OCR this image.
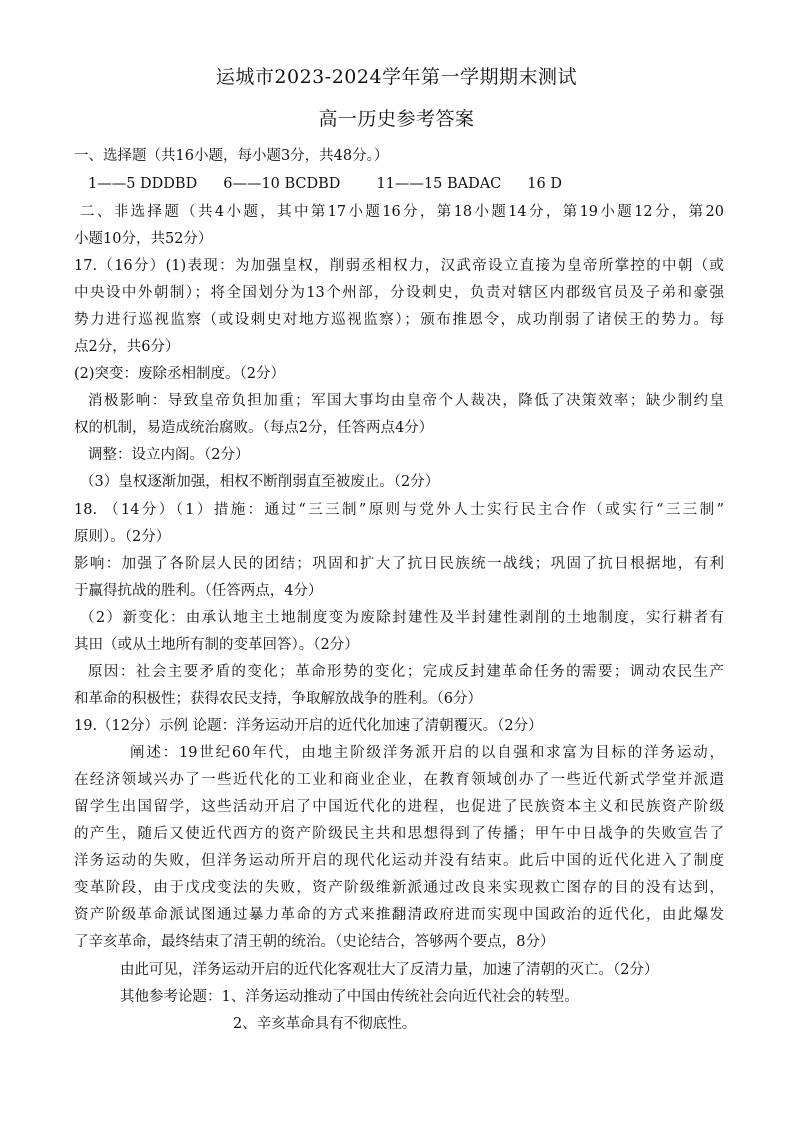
运城市2023-2024学年第一学期期末测试
高一历史参考答案
一、选择题（共16小题，每小题3分，共48分。）
1——5 DDDBD 6——10 BCDBD 11——15 BADAC 16 D
二、非选择题（共4小题，其中第17小题16分，第18小题14分，第19小题12分，第20
小题10分，共52分）
17.（16分）(1)表现：为加强皇权，削弱丞相权力，汉武帝设立直接为皇帝所掌控的中朝（或
中央设中外朝制）；将全国划分为13个州部，分设刺史，负责对辖区内郡级官员及子弟和豪强
势力进行巡视监察（或设刺史对地方巡视监察）；颁布推恩令，成功削弱了诸侯王的势力。每
点2分，共6分）
(2)突变：废除丞相制度。（2分）
消极影响：导致皇帝负担加重；军国大事均由皇帝个人裁决，降低了决策效率；缺少制约皇
权的机制，易造成统治腐败。（每点2分，任答两点4分）
调整：设立内阁。（2分）
（3）皇权逐渐加强，相权不断削弱直至被废止。（2分）
18. （14分）（1）措施：通过“三三制”原则与党外人士实行民主合作（或实行“三三制”
原则）。（2分）
影响：加强了各阶层人民的团结；巩固和扩大了抗日民族统一战线；巩固了抗日根据地，有利
于赢得抗战的胜利。（任答两点，4分）
（2）新变化：由承认地主土地制度变为废除封建性及半封建性剥削的土地制度，实行耕者有
其田（或从土地所有制的变革回答）。（2分）
原因：社会主要矛盾的变化；革命形势的变化；完成反封建革命任务的需要；调动农民生产
和革命的积极性；获得农民支持，争取解放战争的胜利。（6分）
19.（12分）示例 论题：洋务运动开启的近代化加速了清朝覆灭。（2分）
阐述：19世纪60年代，由地主阶级洋务派开启的以自强和求富为目标的洋务运动，
在经济领域兴办了一些近代化的工业和商业企业，在教育领域创办了一些近代新式学堂并派遣
留学生出国留学，这些活动开启了中国近代化的进程，也促进了民族资本主义和民族资产阶级
的产生，随后又使近代西方的资产阶级民主共和思想得到了传播；甲午中日战争的失败宣告了
洋务运动的失败，但洋务运动所开启的现代化运动并没有结束。此后中国的近代化进入了制度
变革阶段，由于戊戌变法的失败，资产阶级维新派通过改良来实现救亡图存的目的没有达到，
资产阶级革命派试图通过暴力革命的方式来推翻清政府进而实现中国政治的近代化，由此爆发
了辛亥革命，最终结束了清王朝的统治。（史论结合，答够两个要点，8分）
由此可见，洋务运动开启的近代化客观壮大了反清力量，加速了清朝的灭亡。（2分）
其他参考论题：1、洋务运动推动了中国由传统社会向近代社会的转型。
2、辛亥革命具有不彻底性。
